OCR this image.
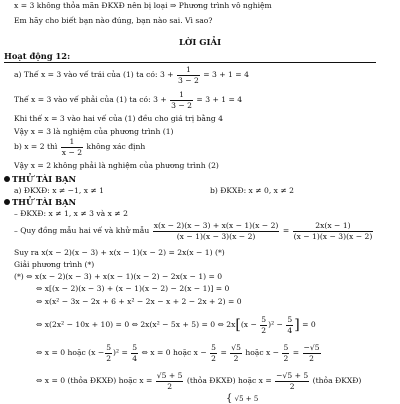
x = 3 không thỏa mãn ĐKXĐ nên bị loại ⇒ Phương trình vô nghiệm
Em hãy cho biết bạn nào đúng, bạn nào sai. Vì sao?
LỜI GIẢI
Hoạt động 12:
a) Thế x = 3 vào vế trái của (1) ta có: $3 + \frac{1}{3 - 2} = 3 + 1 = 4$
Thế x = 3 vào vế phải của (1) ta có: $3 + \frac{1}{3 - 2} = 3 + 1 = 4$
Khi thế x = 3 vào hai vế của (1) đều cho giá trị bằng 4
Vậy x = 3 là nghiệm của phương trình (1)
b) x = 2 thì $\frac{1}{x - 2}$ không xác định
Vậy x = 2 không phải là nghiệm của phương trình (2)
THỬ TÀI BẠN
a) ĐKXĐ: x ≠ −1, x ≠ 1	b) ĐKXĐ: x ≠ 0, x ≠ 2
THỬ TÀI BẠN
– ĐKXĐ: x ≠ 1, x ≠ 3 và x ≠ 2
– Quy đồng mẫu hai vế và khử mẫu $\frac{x(x - 2)(x - 3) + x(x - 1)(x - 2)}{(x - 1)(x - 3)(x - 2)} = \frac{2x(x - 1)}{(x - 1)(x - 3)(x - 2)}$
Suy ra x(x − 2)(x − 3) + x(x − 1)(x − 2) = 2x(x − 1) (*)
Giải phương trình (*)
(*) ⇔ x(x − 2)(x − 3) + x(x − 1)(x − 2) − 2x(x − 1) = 0
⇔ x[(x − 2)(x − 3) + (x − 1)(x − 2) − 2(x − 1)] = 0
⇔ x(x² − 3x − 2x + 6 + x² − 2x − x + 2 − 2x + 2) = 0
⇔ x(2x² − 10x + 10) = 0 ⇔ 2x(x² − 5x + 5) = 0 ⇔ $2x[(x - \frac{5}{2} )^2 - \frac{5}{4}$ ] = 0
⇔ x = 0 hoặc $(x - \frac{5}{2} )^2 = \frac{5}{4}$ ⇔ x = 0 hoặc $x - \frac{5}{2} = \frac{√5}{2}$ hoặc $x - \frac{5}{2} = \frac{-√5}{2}$
⇔ x = 0 (thỏa ĐKXĐ) hoặc $x = \frac{√5 + 5}{2}$ (thỏa ĐKXĐ) hoặc $x = \frac{-√5 + 5}{2}$ (thỏa ĐKXĐ)
{ √5 + 5
